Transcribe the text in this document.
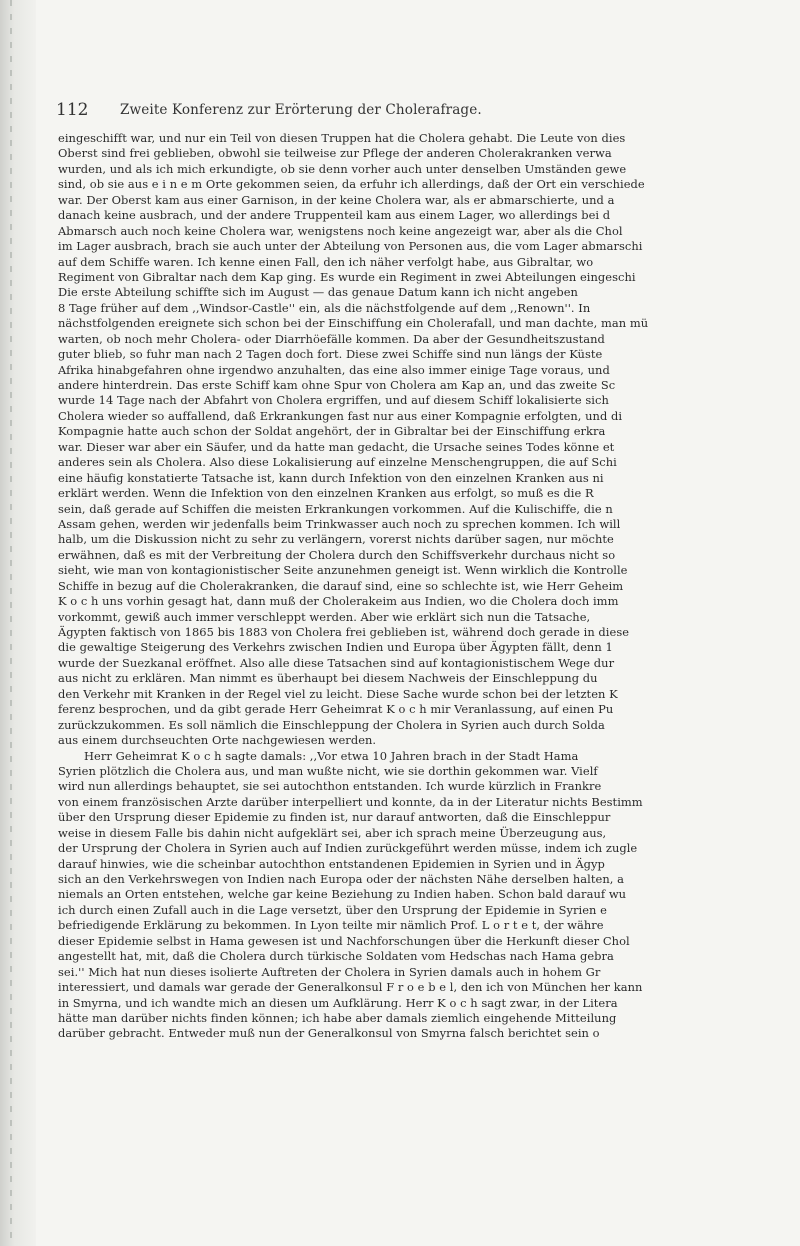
112 Zweite Konferenz zur Erörterung der Cholerafrage.
eingeschifft war, und nur ein Teil von diesen Truppen hat die Cholera gehabt. Die Leute von dies
Oberst sind frei geblieben, obwohl sie teilweise zur Pflege der anderen Cholerakranken verwa
wurden, und als ich mich erkundigte, ob sie denn vorher auch unter denselben Umständen gewe
sind, ob sie aus e i n e m Orte gekommen seien, da erfuhr ich allerdings, daß der Ort ein verschiede
war. Der Oberst kam aus einer Garnison, in der keine Cholera war, als er abmarschierte, und a
danach keine ausbrach, und der andere Truppenteil kam aus einem Lager, wo allerdings bei d
Abmarsch auch noch keine Cholera war, wenigstens noch keine angezeigt war, aber als die Chol
im Lager ausbrach, brach sie auch unter der Abteilung von Personen aus, die vom Lager abmarschi
auf dem Schiffe waren. Ich kenne einen Fall, den ich näher verfolgt habe, aus Gibraltar, wo
Regiment von Gibraltar nach dem Kap ging. Es wurde ein Regiment in zwei Abteilungen eingeschi
Die erste Abteilung schiffte sich im August — das genaue Datum kann ich nicht angeben
8 Tage früher auf dem ,,Windsor-Castle'' ein, als die nächstfolgende auf dem ,,Renown''. In
nächstfolgenden ereignete sich schon bei der Einschiffung ein Cholerafall, und man dachte, man mü
warten, ob noch mehr Cholera- oder Diarrhöefälle kommen. Da aber der Gesundheitszustand
guter blieb, so fuhr man nach 2 Tagen doch fort. Diese zwei Schiffe sind nun längs der Küste
Afrika hinabgefahren ohne irgendwo anzuhalten, das eine also immer einige Tage voraus, und
andere hinterdrein. Das erste Schiff kam ohne Spur von Cholera am Kap an, und das zweite Sc
wurde 14 Tage nach der Abfahrt von Cholera ergriffen, und auf diesem Schiff lokalisierte sich
Cholera wieder so auffallend, daß Erkrankungen fast nur aus einer Kompagnie erfolgten, und di
Kompagnie hatte auch schon der Soldat angehört, der in Gibraltar bei der Einschiffung erkra
war. Dieser war aber ein Säufer, und da hatte man gedacht, die Ursache seines Todes könne et
anderes sein als Cholera. Also diese Lokalisierung auf einzelne Menschengruppen, die auf Schi
eine häufig konstatierte Tatsache ist, kann durch Infektion von den einzelnen Kranken aus ni
erklärt werden. Wenn die Infektion von den einzelnen Kranken aus erfolgt, so muß es die R
sein, daß gerade auf Schiffen die meisten Erkrankungen vorkommen. Auf die Kulischiffe, die n
Assam gehen, werden wir jedenfalls beim Trinkwasser auch noch zu sprechen kommen. Ich will
halb, um die Diskussion nicht zu sehr zu verlängern, vorerst nichts darüber sagen, nur möchte
erwähnen, daß es mit der Verbreitung der Cholera durch den Schiffsverkehr durchaus nicht so
sieht, wie man von kontagionistischer Seite anzunehmen geneigt ist. Wenn wirklich die Kontrolle
Schiffe in bezug auf die Cholerakranken, die darauf sind, eine so schlechte ist, wie Herr Geheim
K o c h uns vorhin gesagt hat, dann muß der Cholerakeim aus Indien, wo die Cholera doch imm
vorkommt, gewiß auch immer verschleppt werden. Aber wie erklärt sich nun die Tatsache,
Ägypten faktisch von 1865 bis 1883 von Cholera frei geblieben ist, während doch gerade in diese
die gewaltige Steigerung des Verkehrs zwischen Indien und Europa über Ägypten fällt, denn 1
wurde der Suezkanal eröffnet. Also alle diese Tatsachen sind auf kontagionistischem Wege dur
aus nicht zu erklären. Man nimmt es überhaupt bei diesem Nachweis der Einschleppung du
den Verkehr mit Kranken in der Regel viel zu leicht. Diese Sache wurde schon bei der letzten K
ferenz besprochen, und da gibt gerade Herr Geheimrat K o c h mir Veranlassung, auf einen Pu
zurückzukommen. Es soll nämlich die Einschleppung der Cholera in Syrien auch durch Solda
aus einem durchseuchten Orte nachgewiesen werden.
Herr Geheimrat K o c h sagte damals: ,,Vor etwa 10 Jahren brach in der Stadt Hama
Syrien plötzlich die Cholera aus, und man wußte nicht, wie sie dorthin gekommen war. Vielf
wird nun allerdings behauptet, sie sei autochthon entstanden. Ich wurde kürzlich in Frankre
von einem französischen Arzte darüber interpelliert und konnte, da in der Literatur nichts Bestimm
über den Ursprung dieser Epidemie zu finden ist, nur darauf antworten, daß die Einschleppur
weise in diesem Falle bis dahin nicht aufgeklärt sei, aber ich sprach meine Überzeugung aus,
der Ursprung der Cholera in Syrien auch auf Indien zurückgeführt werden müsse, indem ich zugle
darauf hinwies, wie die scheinbar autochthon entstandenen Epidemien in Syrien und in Ägyp
sich an den Verkehrswegen von Indien nach Europa oder der nächsten Nähe derselben halten, a
niemals an Orten entstehen, welche gar keine Beziehung zu Indien haben. Schon bald darauf wu
ich durch einen Zufall auch in die Lage versetzt, über den Ursprung der Epidemie in Syrien e
befriedigende Erklärung zu bekommen. In Lyon teilte mir nämlich Prof. L o r t e t, der währe
dieser Epidemie selbst in Hama gewesen ist und Nachforschungen über die Herkunft dieser Chol
angestellt hat, mit, daß die Cholera durch türkische Soldaten vom Hedschas nach Hama gebra
sei.'' Mich hat nun dieses isolierte Auftreten der Cholera in Syrien damals auch in hohem Gr
interessiert, und damals war gerade der Generalkonsul F r o e b e l, den ich von München her kann
in Smyrna, und ich wandte mich an diesen um Aufklärung. Herr K o c h sagt zwar, in der Litera
hätte man darüber nichts finden können; ich habe aber damals ziemlich eingehende Mitteilung
darüber gebracht. Entweder muß nun der Generalkonsul von Smyrna falsch berichtet sein o
